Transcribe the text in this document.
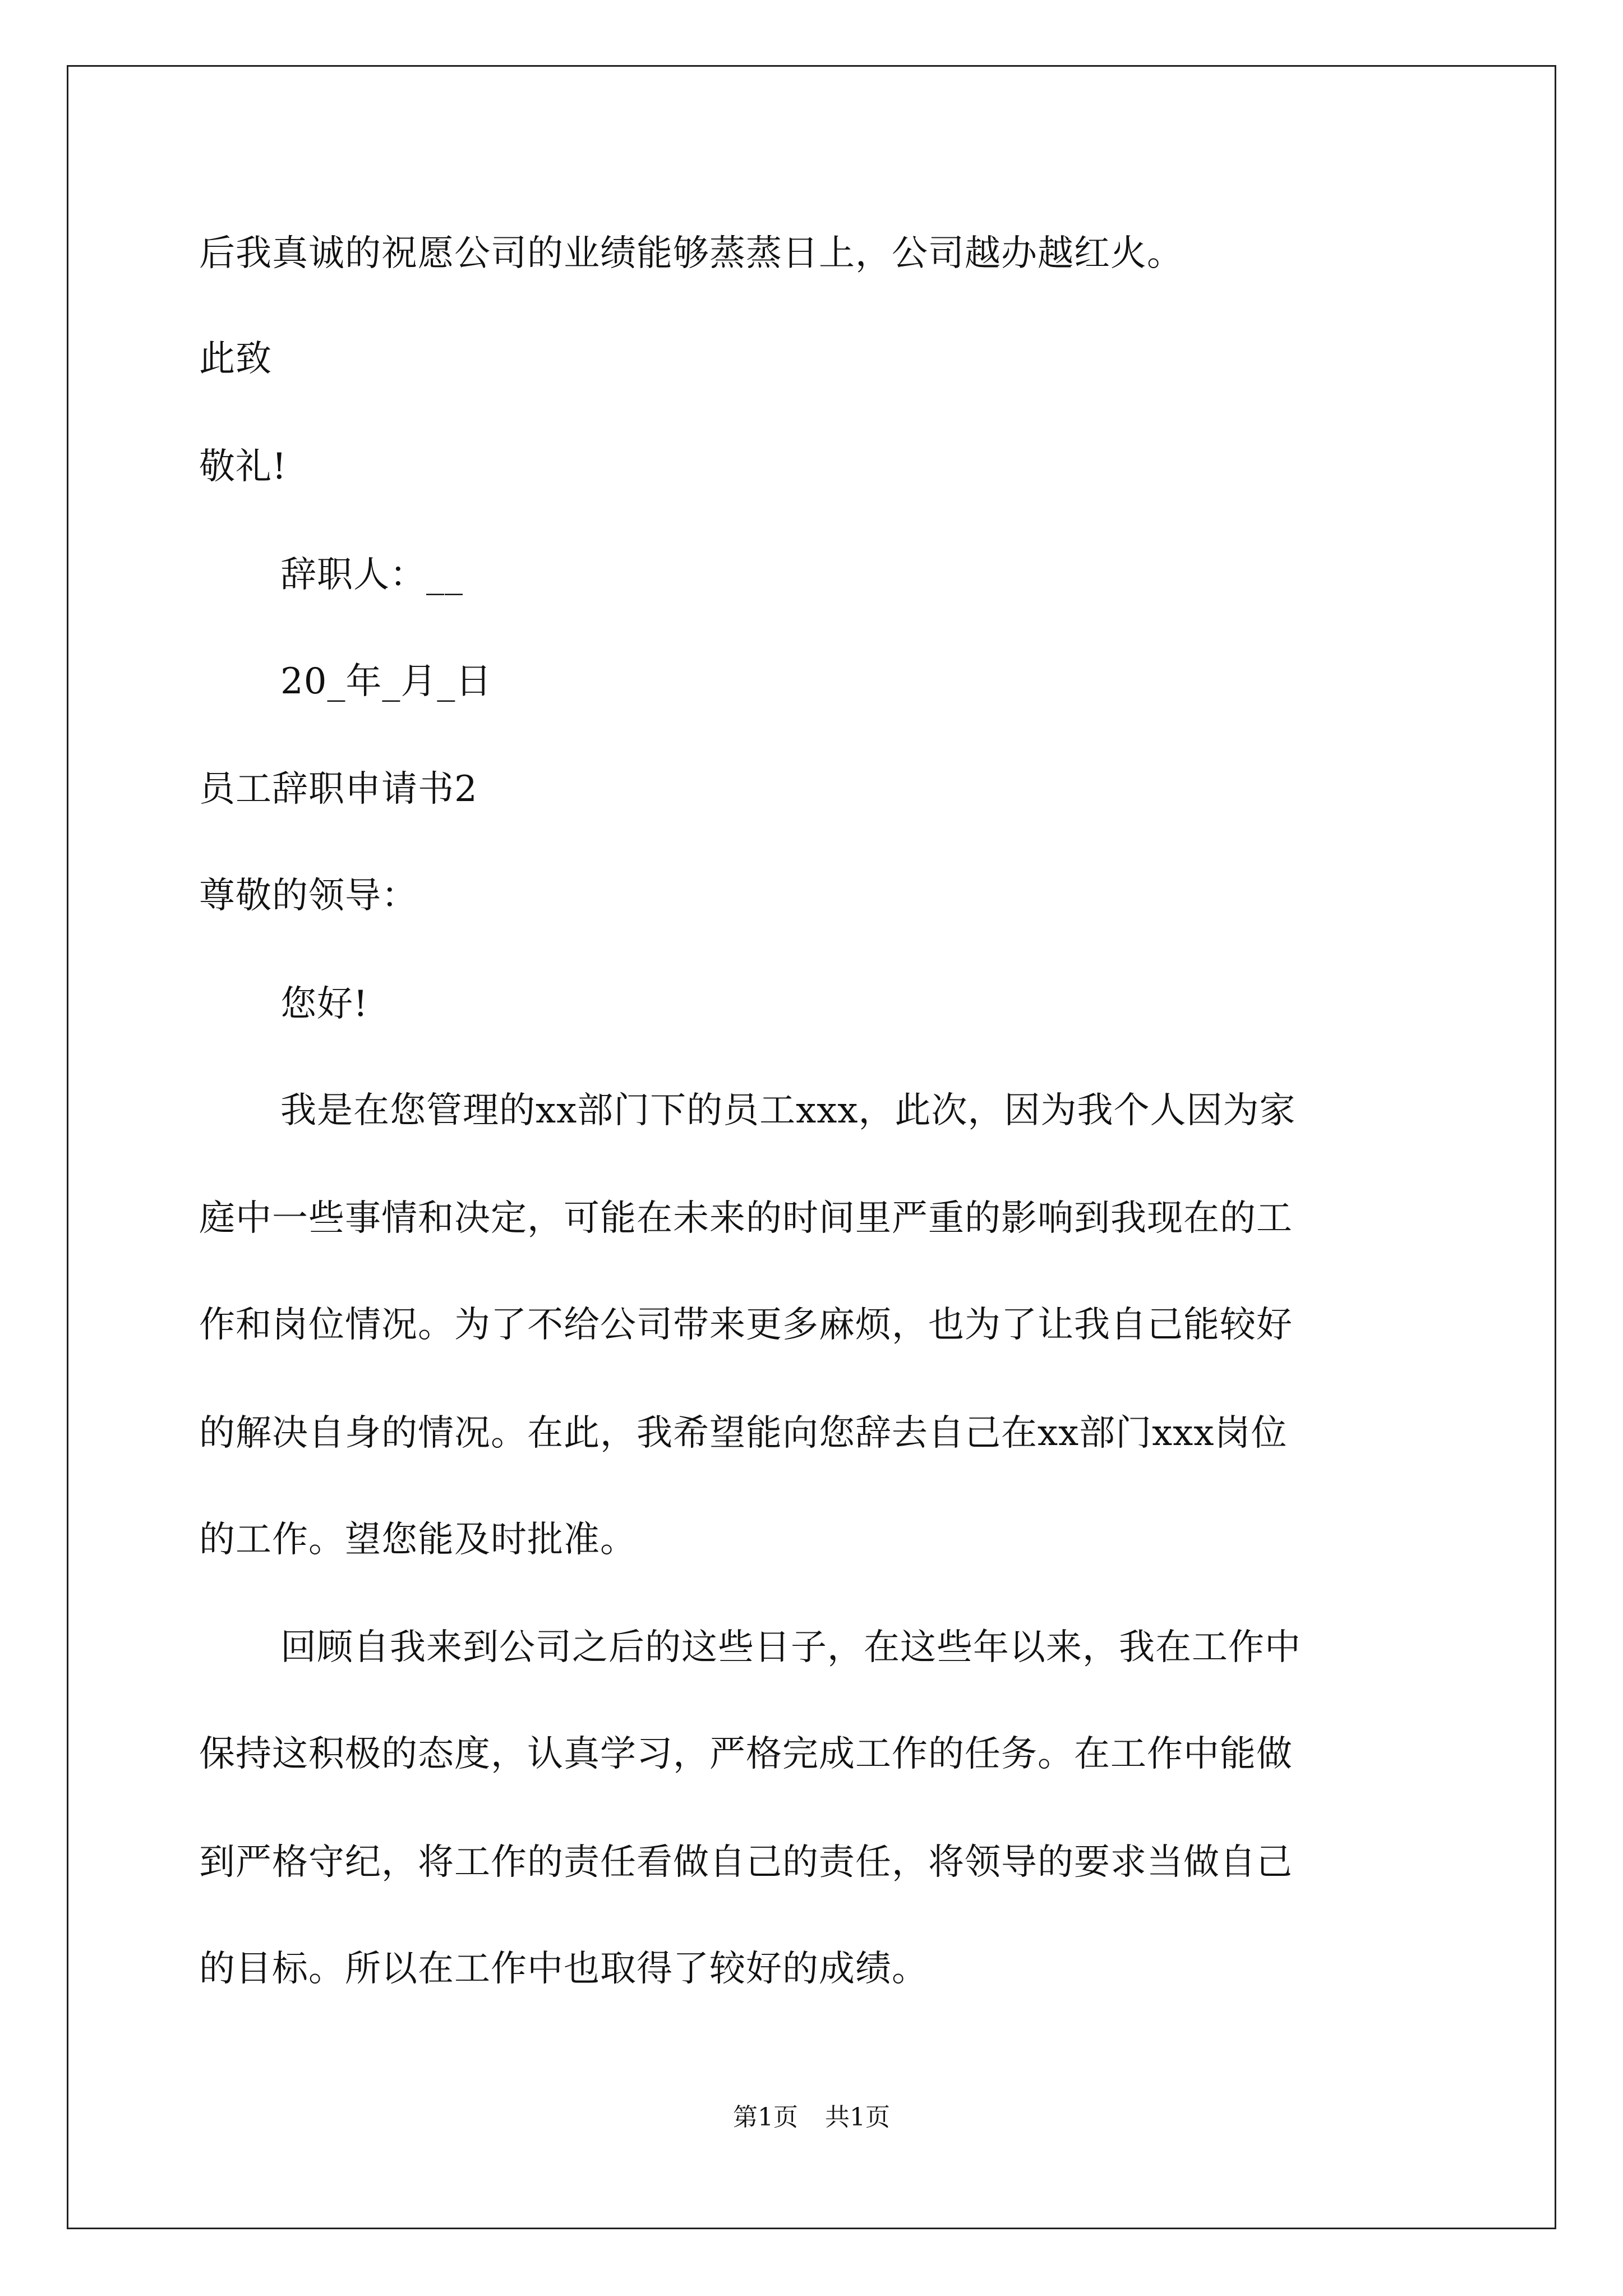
后我真诚的祝愿公司的业绩能够蒸蒸日上，公司越办越红火。
此致
敬礼!
辞职人：__
20_年_月_日
员工辞职申请书2
尊敬的领导：
您好!
我是在您管理的xx部门下的员工xxx，此次，因为我个人因为家
庭中一些事情和决定，可能在未来的时间里严重的影响到我现在的工
作和岗位情况。为了不给公司带来更多麻烦，也为了让我自己能较好
的解决自身的情况。在此，我希望能向您辞去自己在xx部门xxx岗位
的工作。望您能及时批准。
回顾自我来到公司之后的这些日子，在这些年以来，我在工作中
保持这积极的态度，认真学习，严格完成工作的任务。在工作中能做
到严格守纪，将工作的责任看做自己的责任，将领导的要求当做自己
的目标。所以在工作中也取得了较好的成绩。
第1页 共1页
